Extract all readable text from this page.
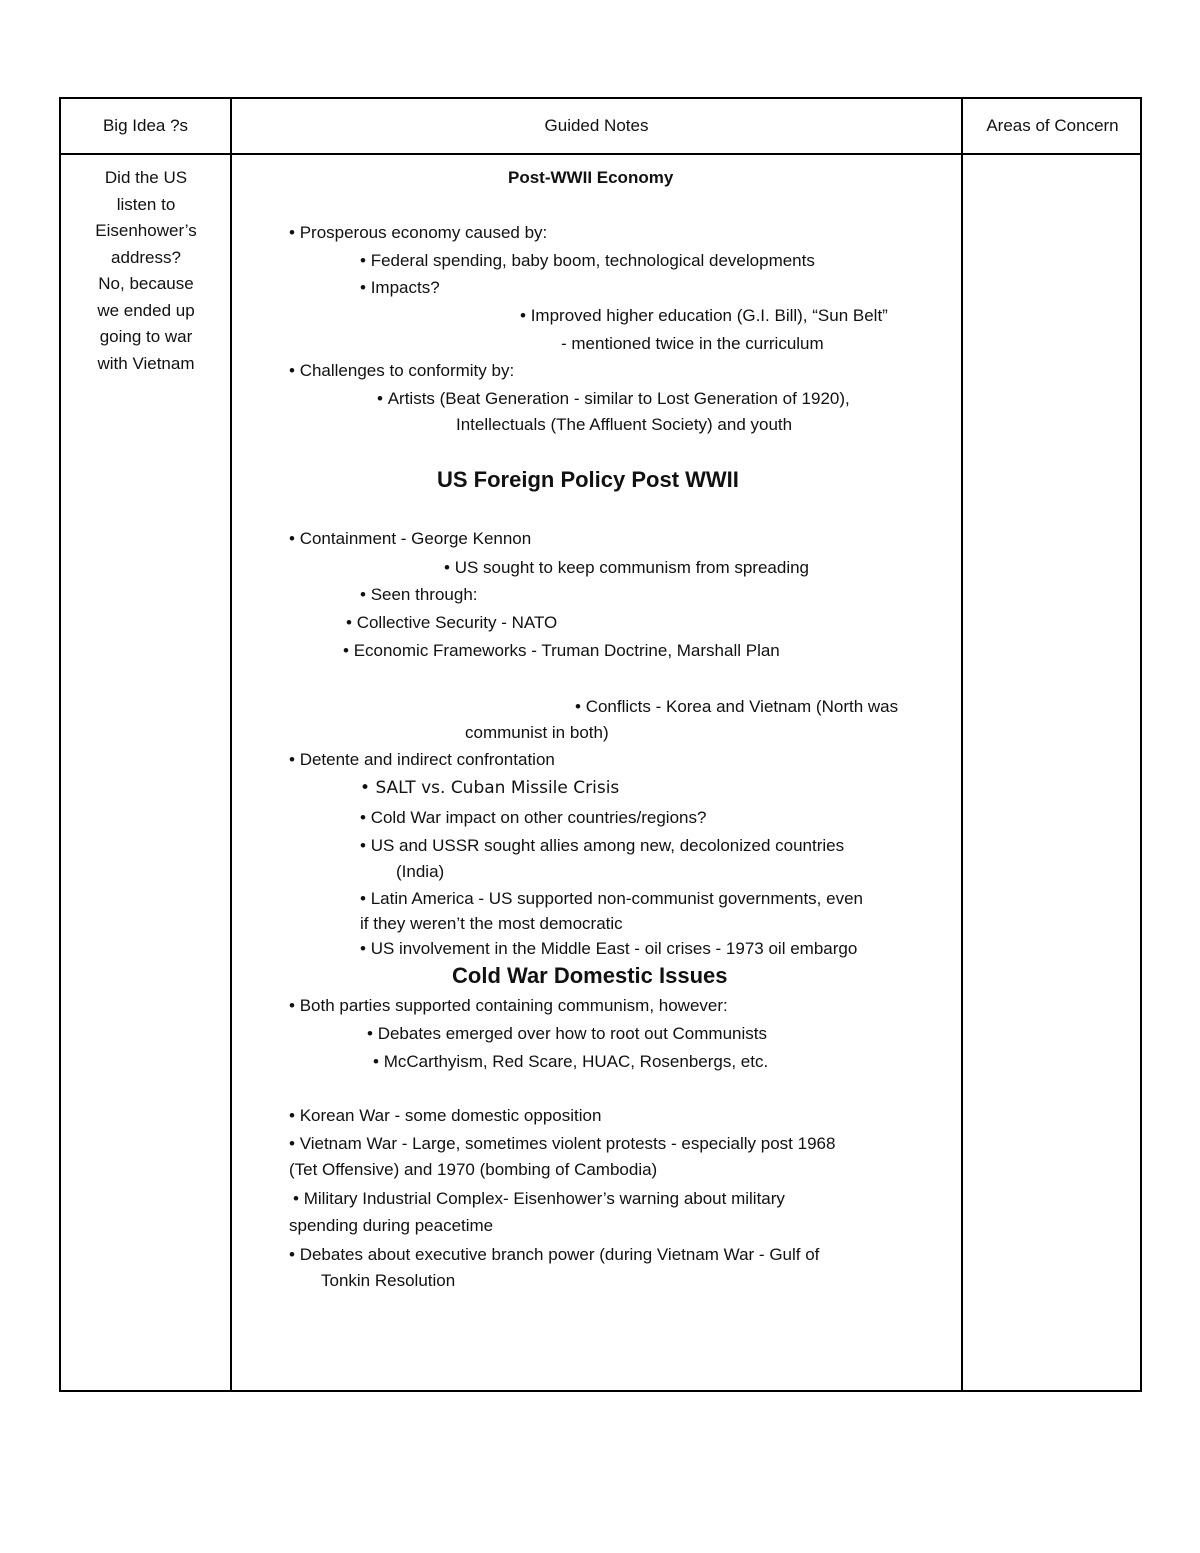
Big Idea ?s	Guided Notes	Areas of Concern
Did the US
listen to
Eisenhower’s
address?
No, because
we ended up
going to war
with Vietnam
Post-WWII Economy
• Prosperous economy caused by:
• Federal spending, baby boom, technological developments
• Impacts?
• Improved higher education (G.I. Bill), “Sun Belt”
- mentioned twice in the curriculum
• Challenges to conformity by:
• Artists (Beat Generation - similar to Lost Generation of 1920),
Intellectuals (The Affluent Society) and youth
US Foreign Policy Post WWII
• Containment - George Kennon
• US sought to keep communism from spreading
• Seen through:
• Collective Security - NATO
• Economic Frameworks - Truman Doctrine, Marshall Plan
• Conflicts - Korea and Vietnam (North was
communist in both)
• Detente and indirect confrontation
• SALT vs. Cuban Missile Crisis
• Cold War impact on other countries/regions?
• US and USSR sought allies among new, decolonized countries
(India)
• Latin America - US supported non-communist governments, even
if they weren’t the most democratic
• US involvement in the Middle East - oil crises - 1973 oil embargo
Cold War Domestic Issues
• Both parties supported containing communism, however:
• Debates emerged over how to root out Communists
• McCarthyism, Red Scare, HUAC, Rosenbergs, etc.
• Korean War - some domestic opposition
• Vietnam War - Large, sometimes violent protests - especially post 1968
(Tet Offensive) and 1970 (bombing of Cambodia)
• Military Industrial Complex- Eisenhower’s warning about military
spending during peacetime
• Debates about executive branch power (during Vietnam War - Gulf of
Tonkin Resolution
